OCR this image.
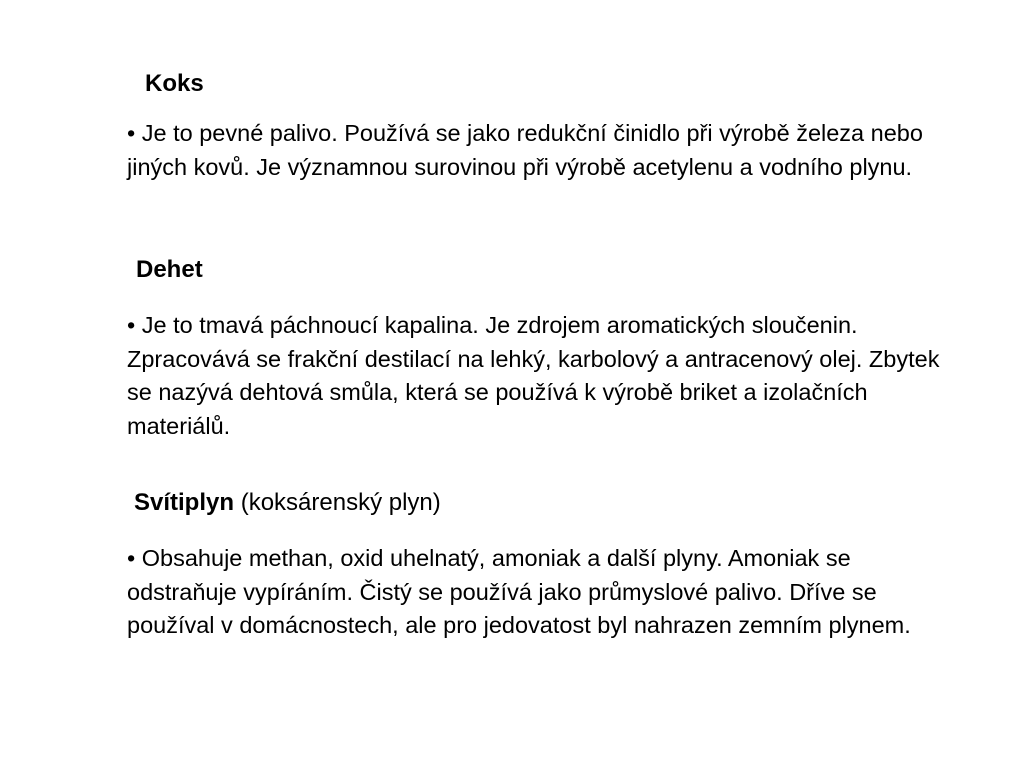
Koks

• Je to pevné palivo. Používá se jako redukční činidlo při výrobě železa nebo jiných kovů. Je významnou surovinou při výrobě acetylenu a vodního plynu.

Dehet

• Je to tmavá páchnoucí kapalina. Je zdrojem aromatických sloučenin. Zpracovává se frakční destilací na lehký, karbolový a antracenový olej. Zbytek se nazývá dehtová smůla, která se používá k výrobě briket a izolačních materiálů.

Svítiplyn (koksárenský plyn)

• Obsahuje methan, oxid uhelnatý, amoniak a další plyny. Amoniak se odstraňuje vypíráním. Čistý se používá jako průmyslové palivo. Dříve se používal v domácnostech, ale pro jedovatost byl nahrazen zemním plynem.
